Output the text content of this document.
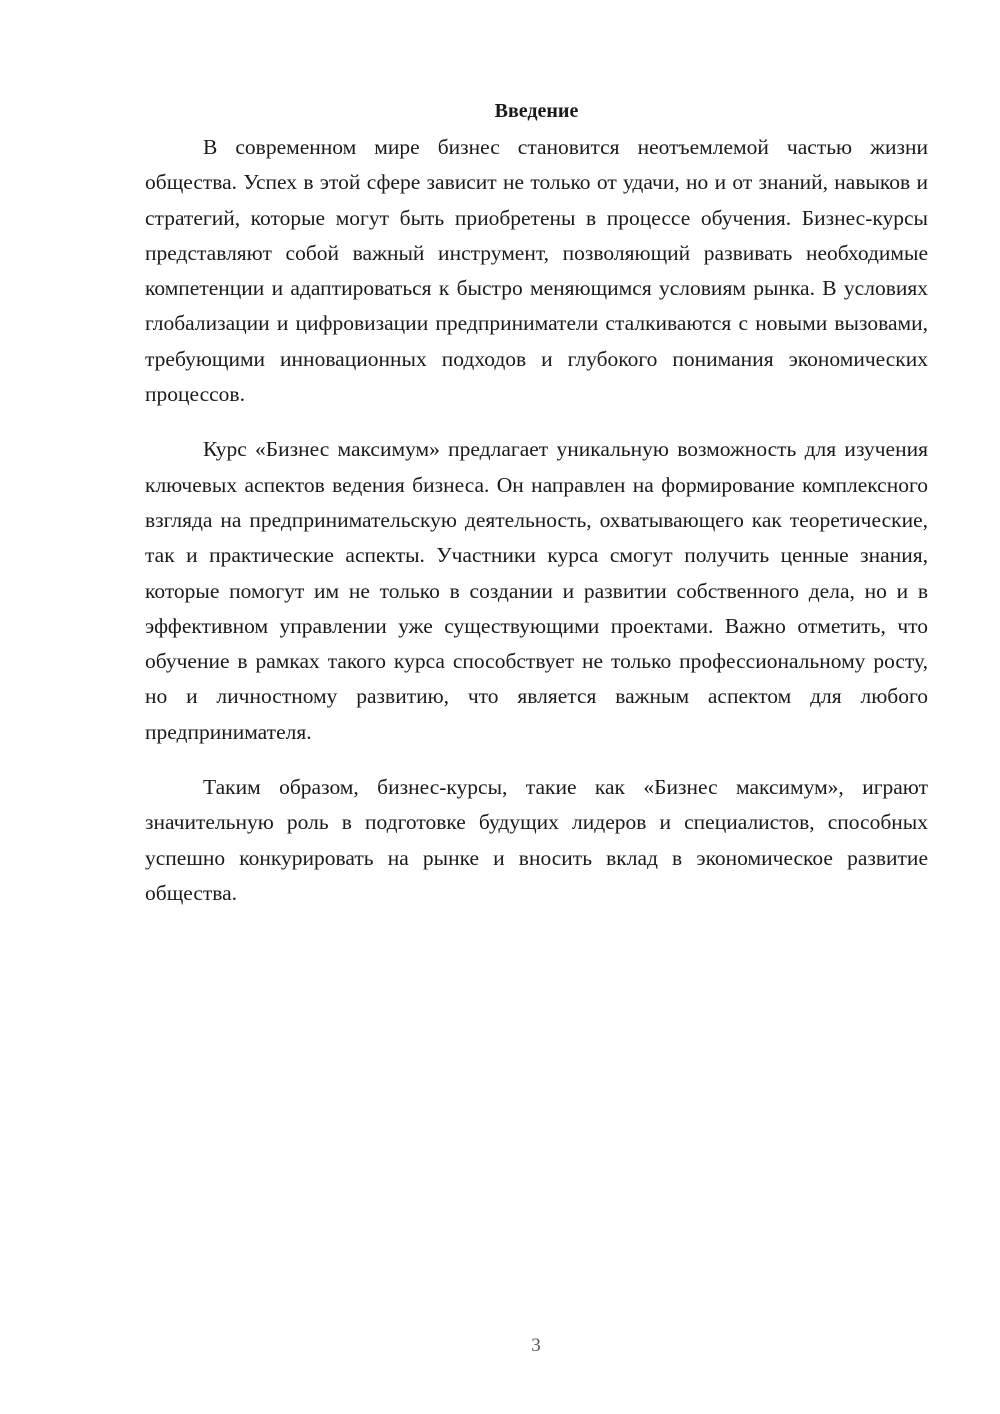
Введение

В современном мире бизнес становится неотъемлемой частью жизни общества. Успех в этой сфере зависит не только от удачи, но и от знаний, навыков и стратегий, которые могут быть приобретены в процессе обучения. Бизнес-курсы представляют собой важный инструмент, позволяющий развивать необходимые компетенции и адаптироваться к быстро меняющимся условиям рынка. В условиях глобализации и цифровизации предприниматели сталкиваются с новыми вызовами, требующими инновационных подходов и глубокого понимания экономических процессов.

Курс «Бизнес максимум» предлагает уникальную возможность для изучения ключевых аспектов ведения бизнеса. Он направлен на формирование комплексного взгляда на предпринимательскую деятельность, охватывающего как теоретические, так и практические аспекты. Участники курса смогут получить ценные знания, которые помогут им не только в создании и развитии собственного дела, но и в эффективном управлении уже существующими проектами. Важно отметить, что обучение в рамках такого курса способствует не только профессиональному росту, но и личностному развитию, что является важным аспектом для любого предпринимателя.

Таким образом, бизнес-курсы, такие как «Бизнес максимум», играют значительную роль в подготовке будущих лидеров и специалистов, способных успешно конкурировать на рынке и вносить вклад в экономическое развитие общества.

3
